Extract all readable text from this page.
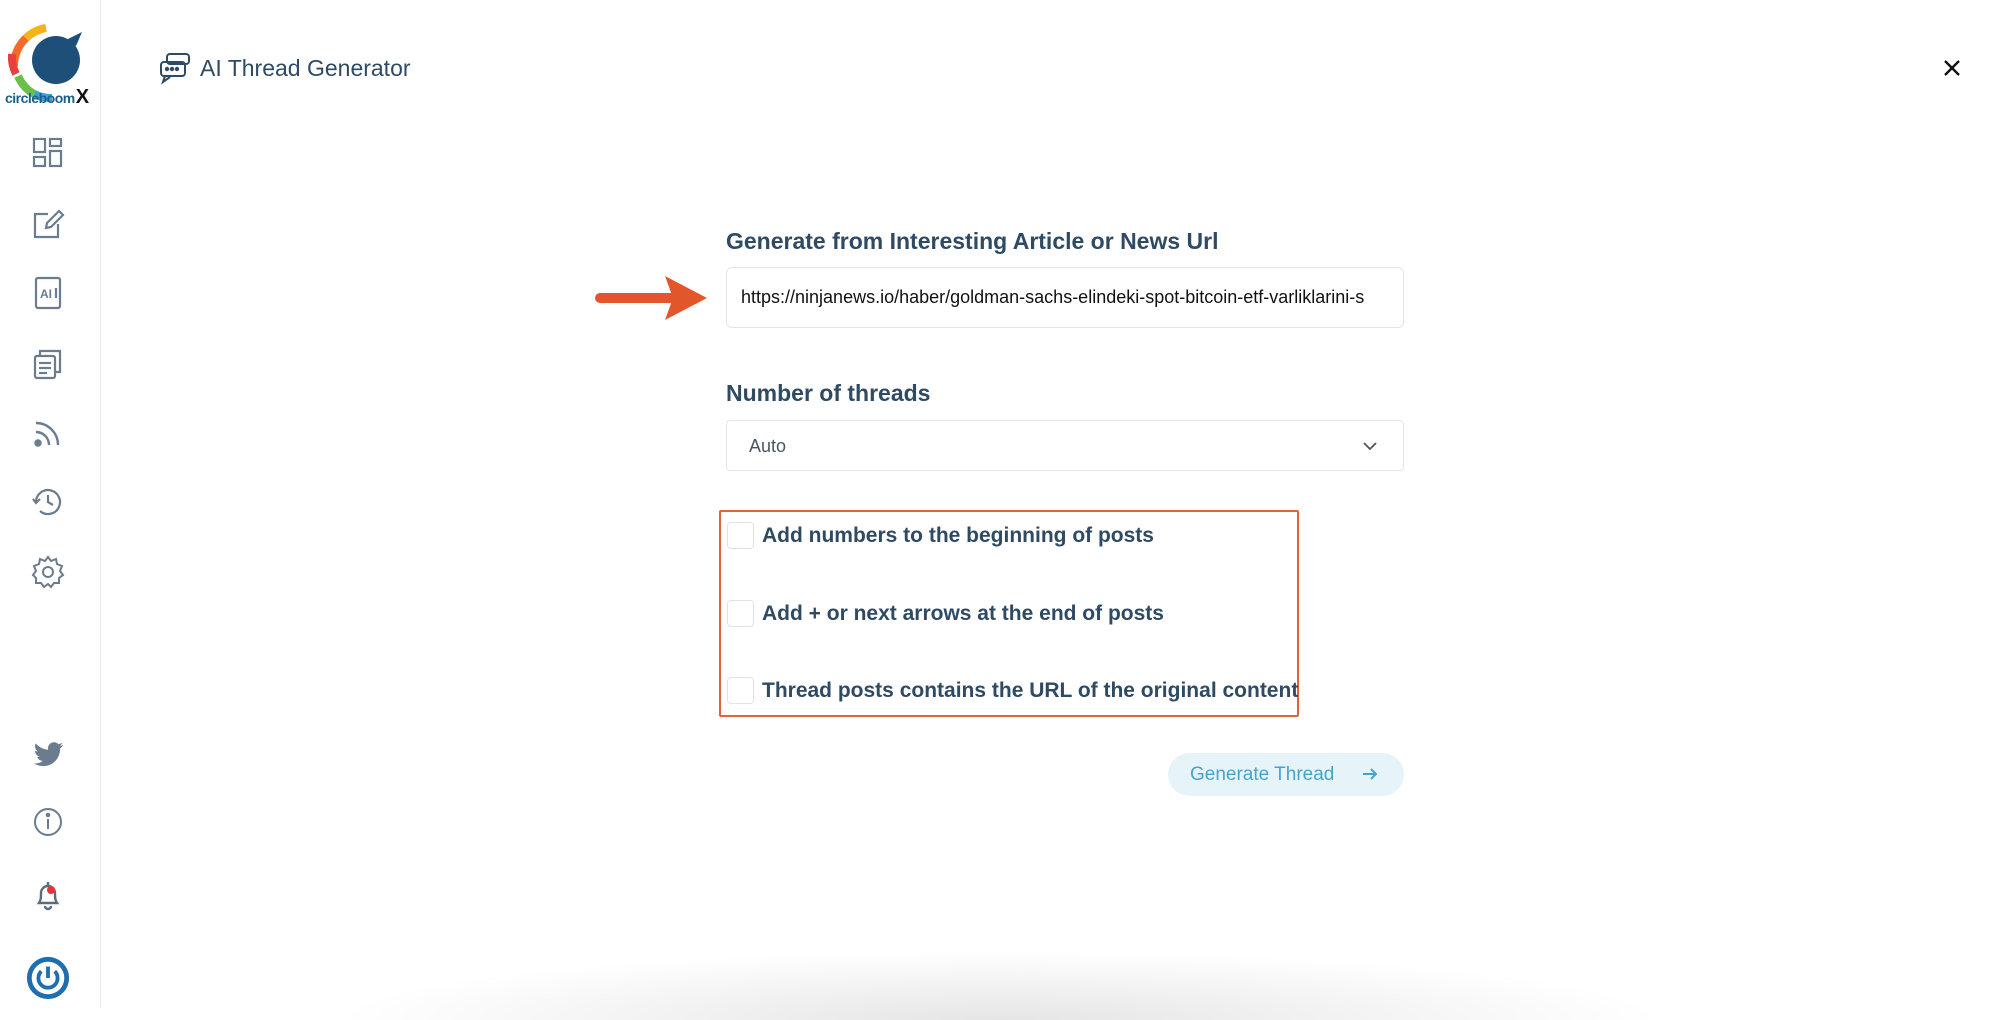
circleboomX
AI
AI Thread Generator
Generate from Interesting Article or News Url
https://ninjanews.io/haber/goldman-sachs-elindeki-spot-bitcoin-etf-varliklarini-s
Number of threads
Auto
Add numbers to the beginning of posts
Add + or next arrows at the end of posts
Thread posts contains the URL of the original content
Generate Thread
